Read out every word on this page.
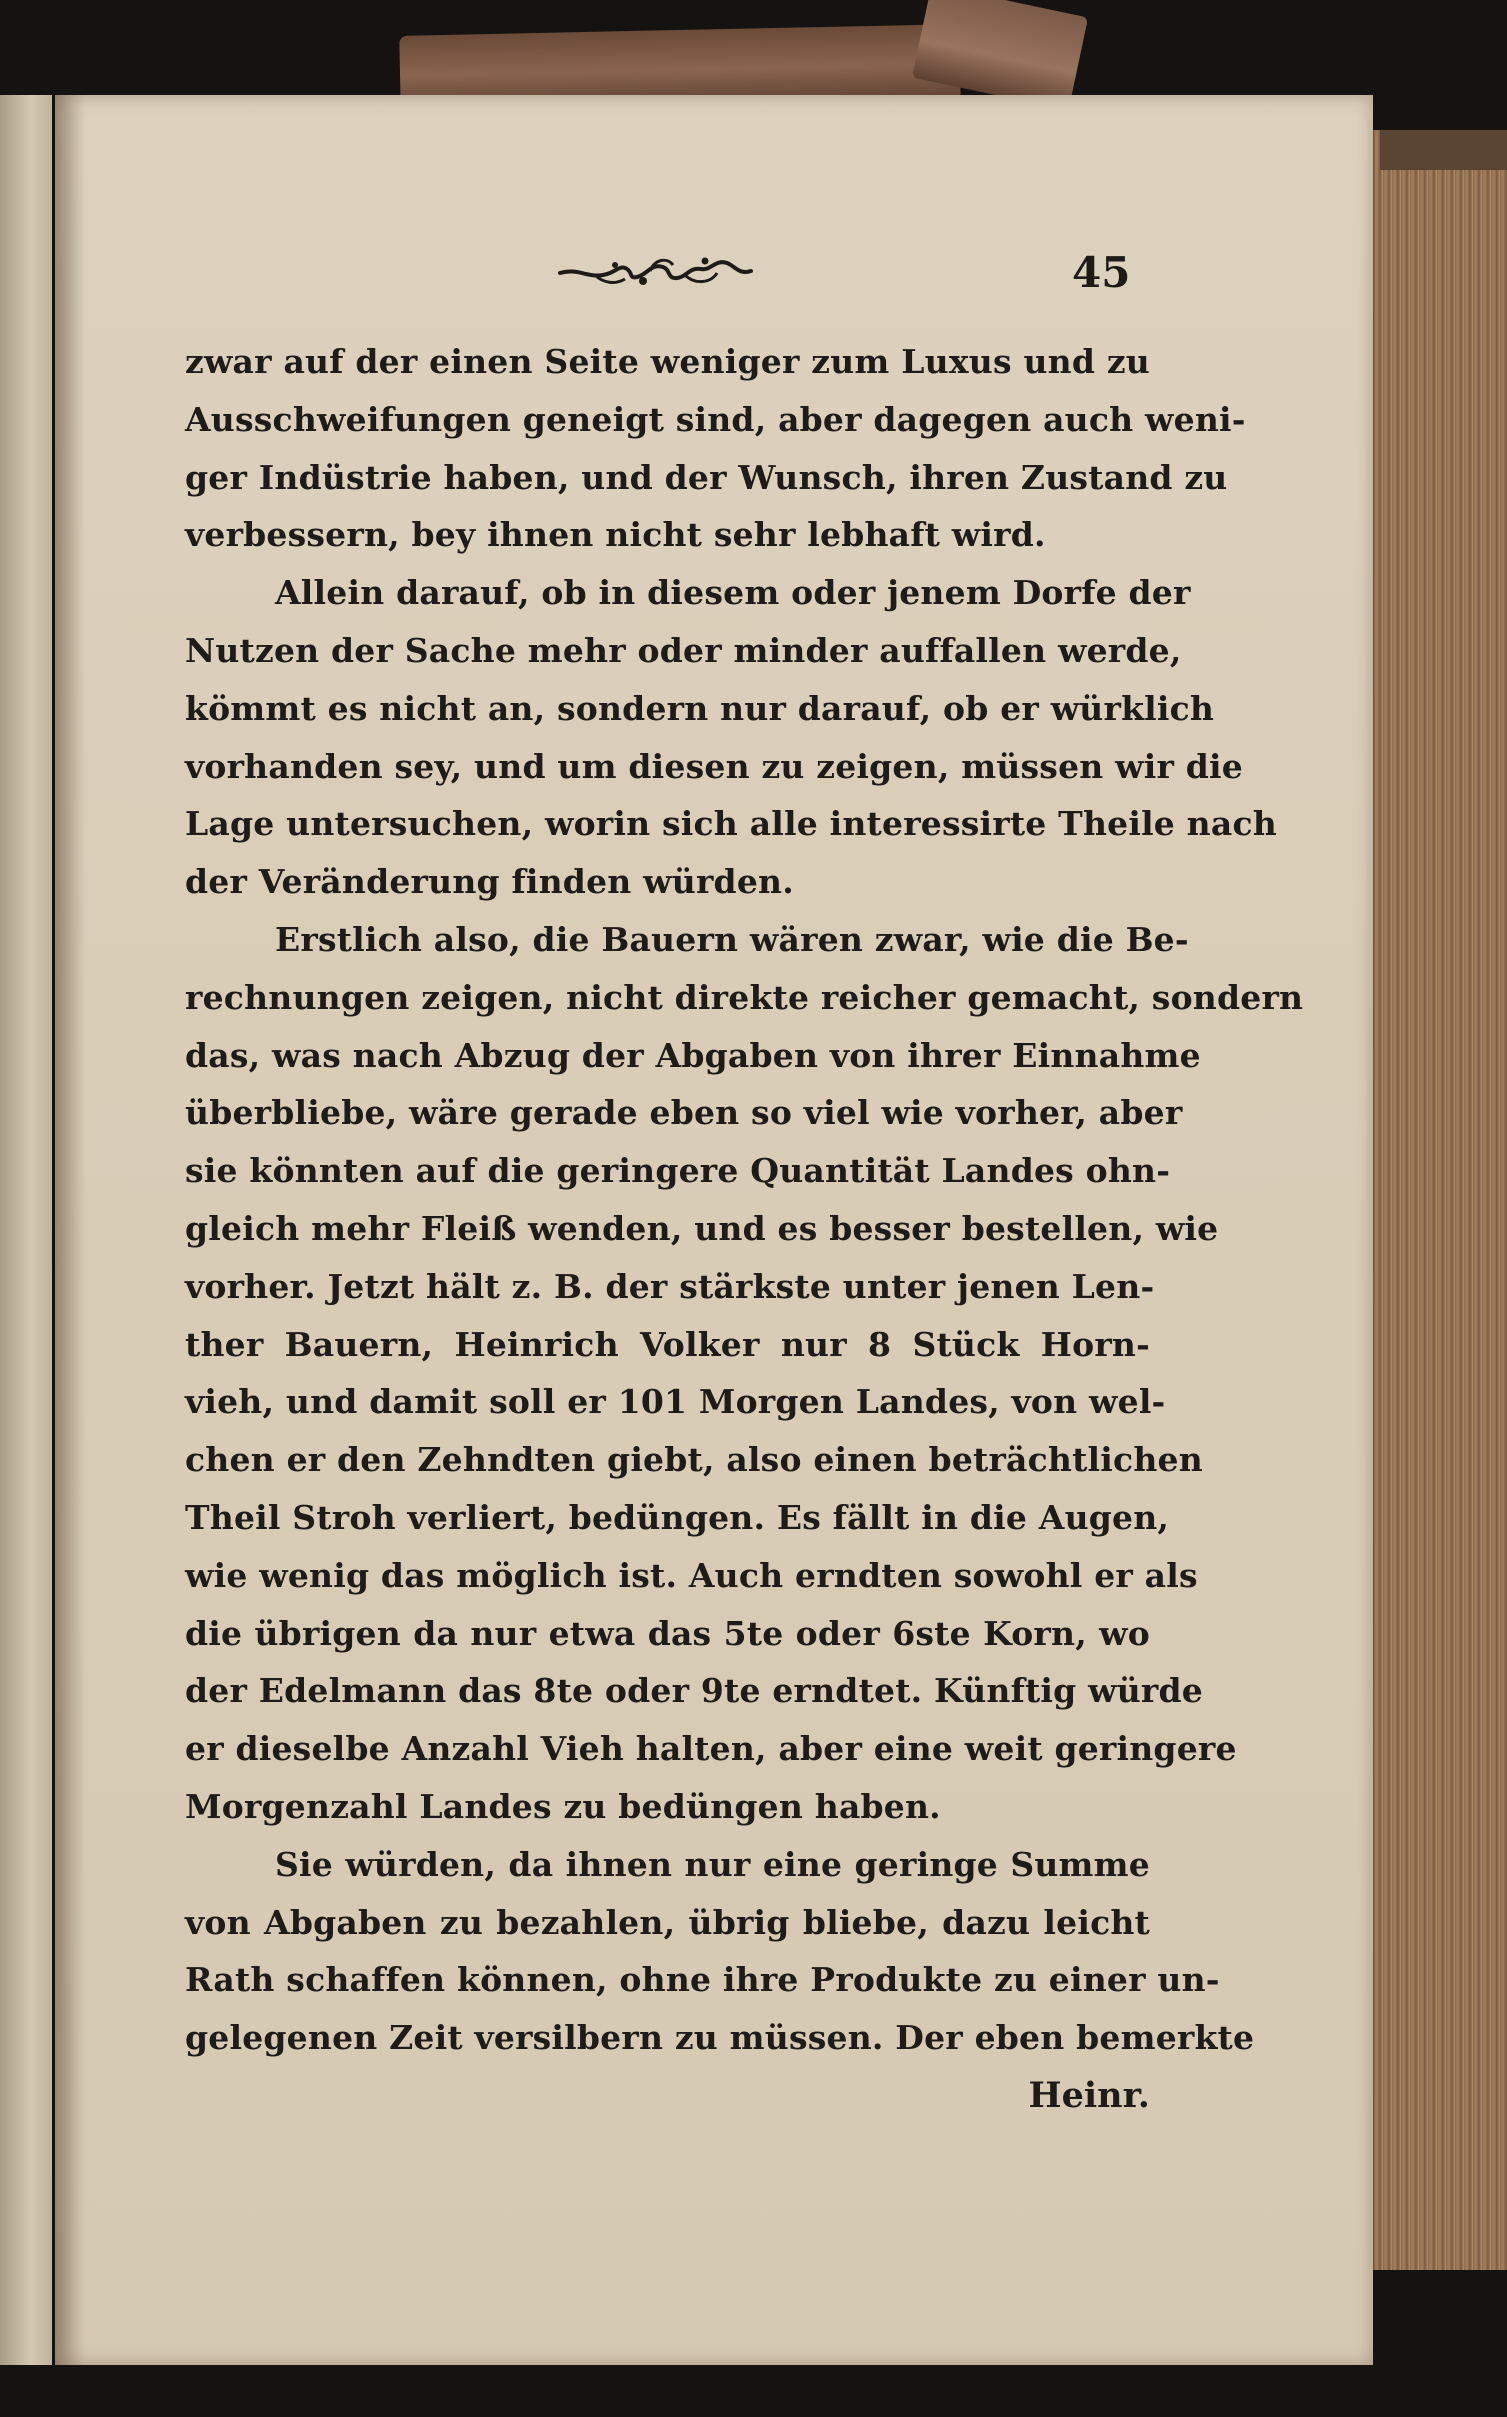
45
zwar auf der einen Seite weniger zum Luxus und zu
Ausschweifungen geneigt sind, aber dagegen auch weni-
ger Indüstrie haben, und der Wunsch, ihren Zustand zu
verbessern, bey ihnen nicht sehr lebhaft wird.
Allein darauf, ob in diesem oder jenem Dorfe der
Nutzen der Sache mehr oder minder auffallen werde,
kömmt es nicht an, sondern nur darauf, ob er würklich
vorhanden sey, und um diesen zu zeigen, müssen wir die
Lage untersuchen, worin sich alle interessirte Theile nach
der Veränderung finden würden.
Erstlich also, die Bauern wären zwar, wie die Be-
rechnungen zeigen, nicht direkte reicher gemacht, sondern
das, was nach Abzug der Abgaben von ihrer Einnahme
überbliebe, wäre gerade eben so viel wie vorher, aber
sie könnten auf die geringere Quantität Landes ohn-
gleich mehr Fleiß wenden, und es besser bestellen, wie
vorher. Jetzt hält z. B. der stärkste unter jenen Len-
ther Bauern, Heinrich Volker nur 8 Stück Horn-
vieh, und damit soll er 101 Morgen Landes, von wel-
chen er den Zehndten giebt, also einen beträchtlichen
Theil Stroh verliert, bedüngen. Es fällt in die Augen,
wie wenig das möglich ist. Auch erndten sowohl er als
die übrigen da nur etwa das 5te oder 6ste Korn, wo
der Edelmann das 8te oder 9te erndtet. Künftig würde
er dieselbe Anzahl Vieh halten, aber eine weit geringere
Morgenzahl Landes zu bedüngen haben.
Sie würden, da ihnen nur eine geringe Summe
von Abgaben zu bezahlen, übrig bliebe, dazu leicht
Rath schaffen können, ohne ihre Produkte zu einer un-
gelegenen Zeit versilbern zu müssen. Der eben bemerkte
Heinr.
